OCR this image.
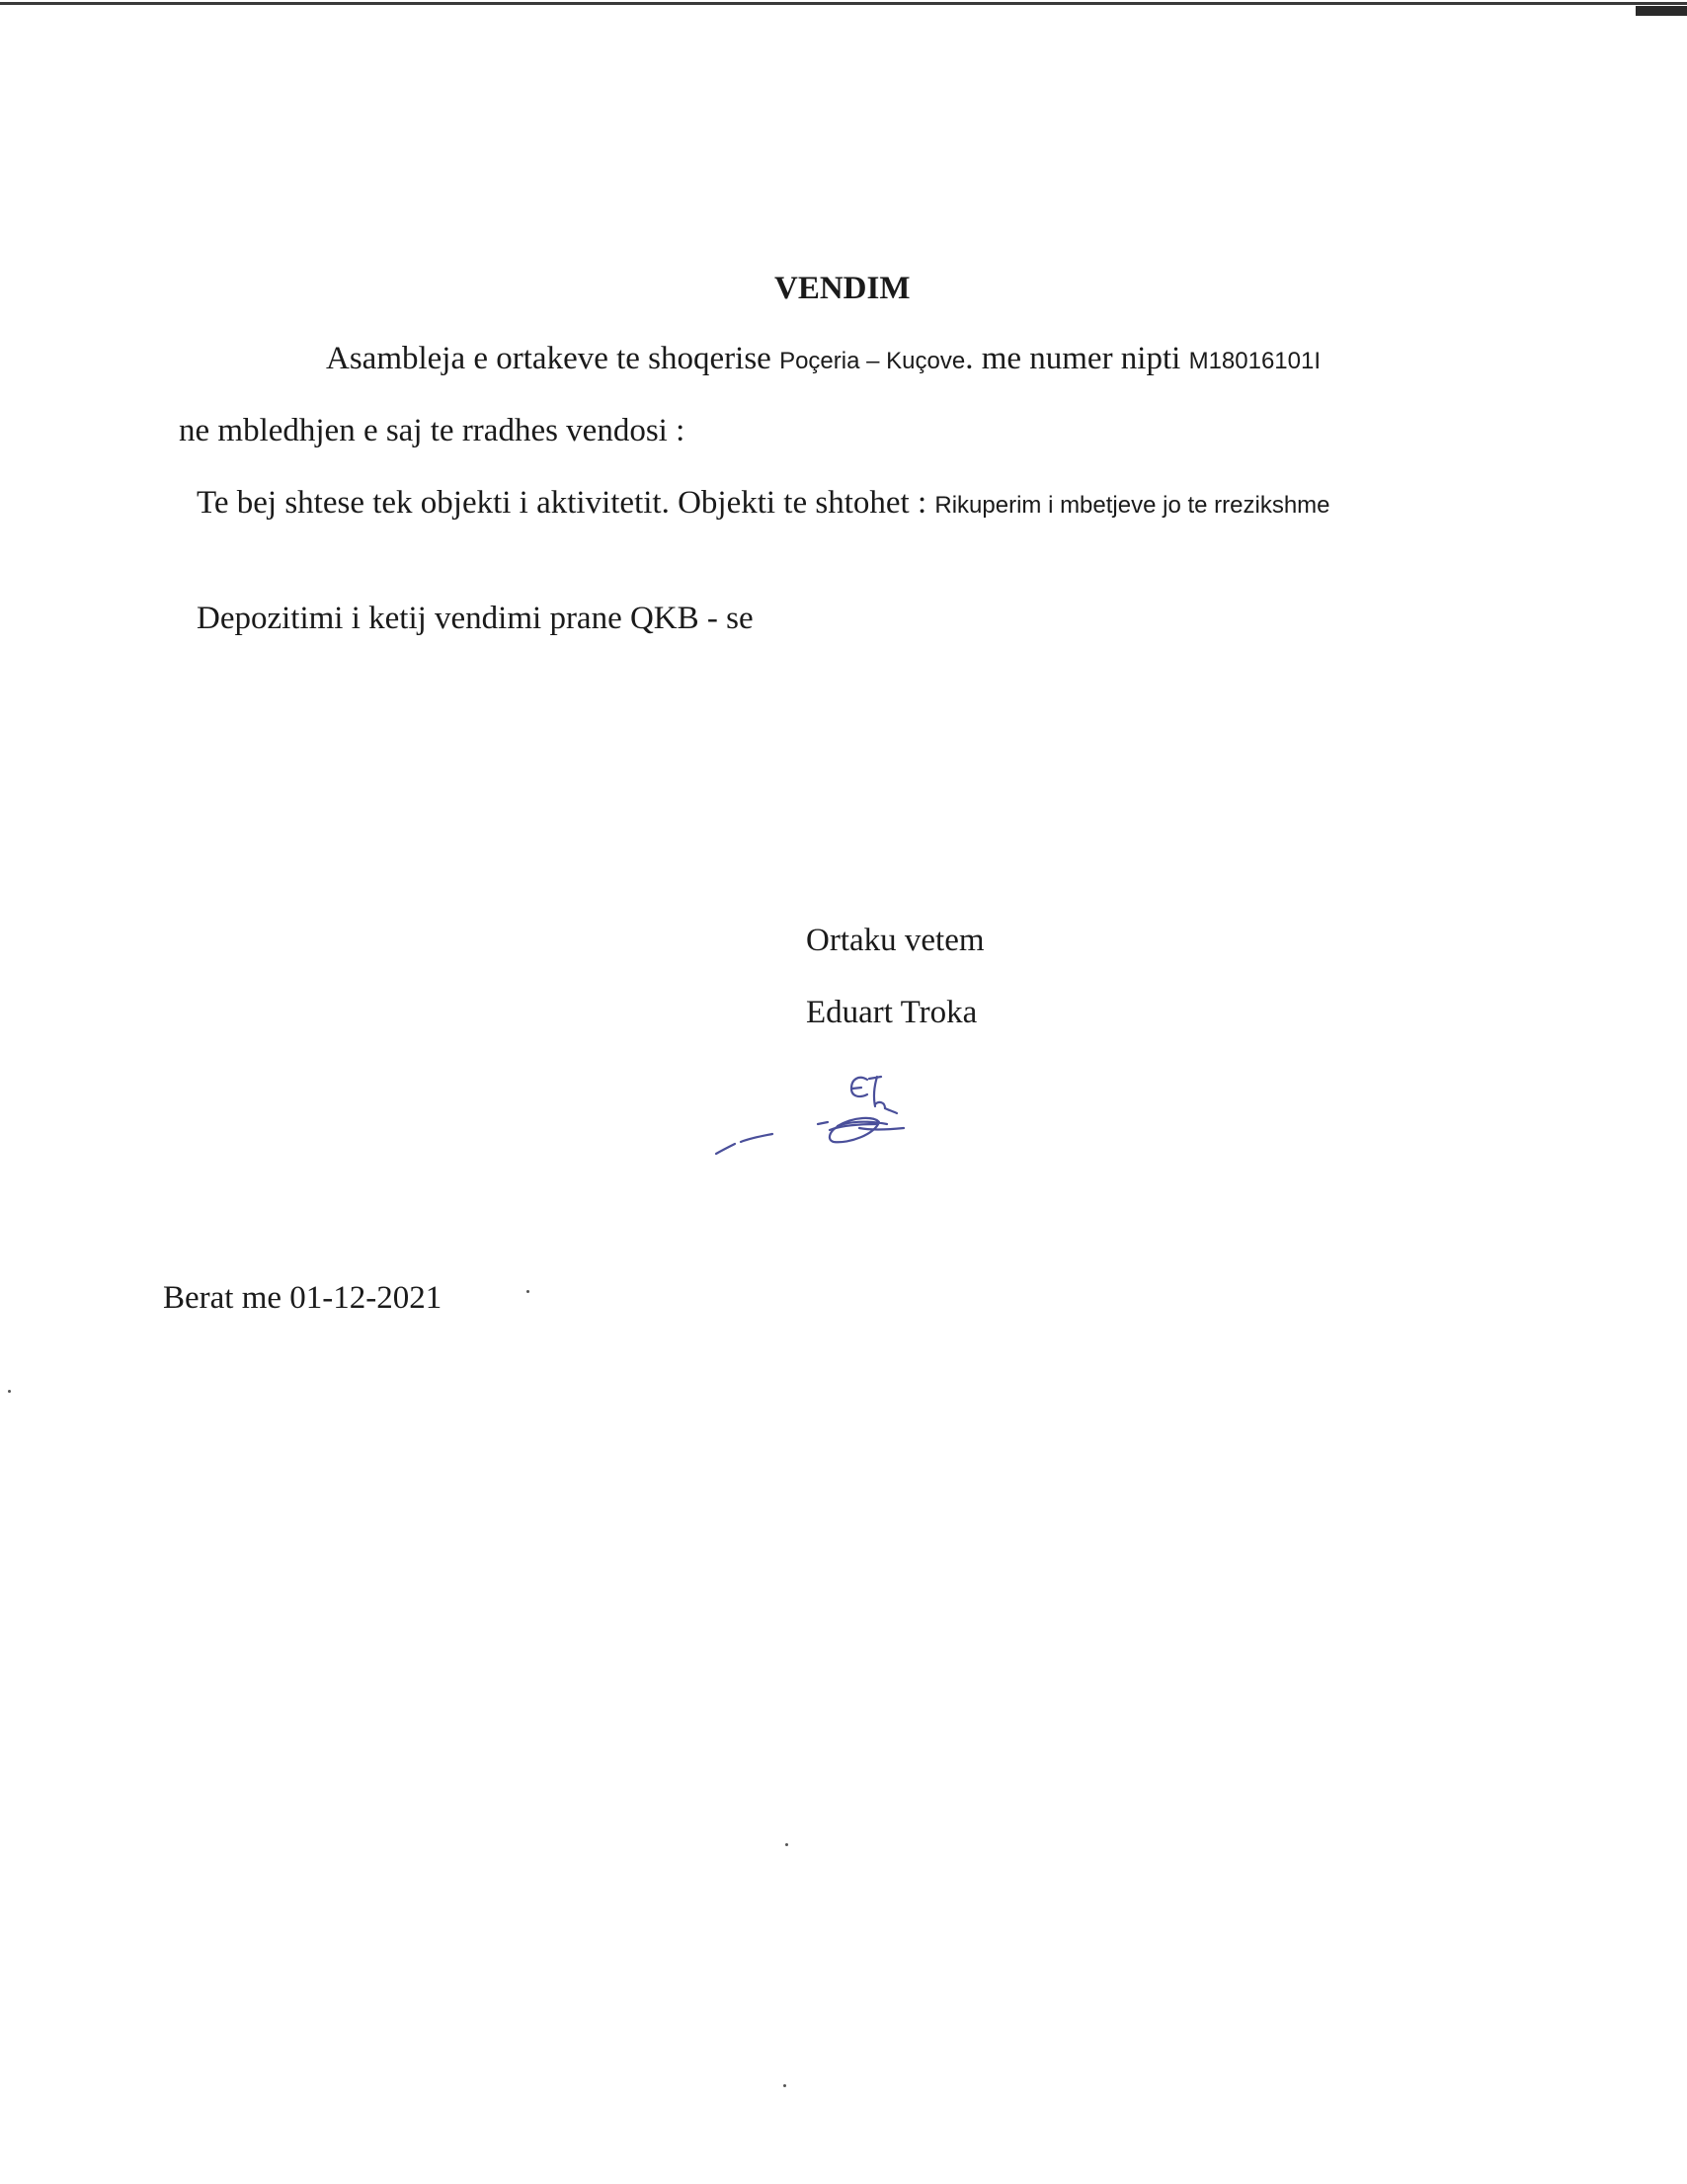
VENDIM
Asambleja e ortakeve te shoqerise Poçeria – Kuçove. me numer nipti M18016101I
ne mbledhjen e saj te rradhes vendosi :
Te bej shtese tek objekti i aktivitetit. Objekti te shtohet : Rikuperim i mbetjeve jo te rrezikshme
Depozitimi i ketij vendimi prane QKB - se
Ortaku vetem
Eduart Troka
Berat me 01-12-2021
